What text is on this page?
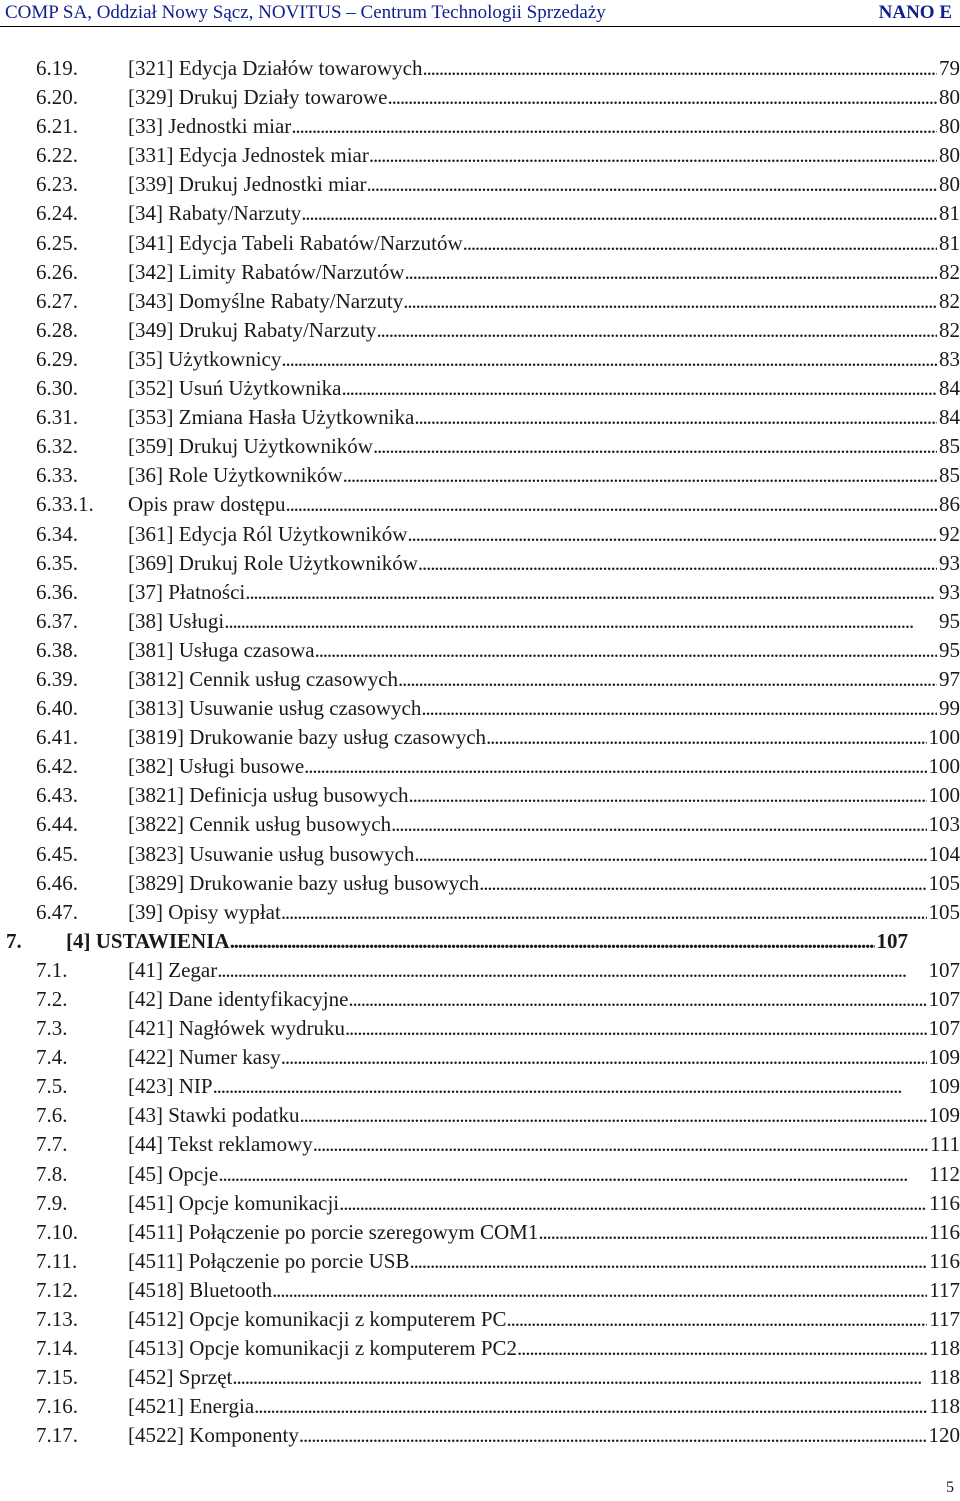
COMP SA, Oddział Nowy Sącz, NOVITUS – Centrum Technologii Sprzedaży	NANO E
6.19. [321] Edycja Działów towarowych . . .	79
6.20. [329] Drukuj Działy towarowe . . .	80
6.21. [33] Jednostki miar . . .	80
6.22. [331] Edycja Jednostek miar . . .	80
6.23. [339] Drukuj Jednostki miar . . .	80
6.24. [34] Rabaty/Narzuty . . .	81
6.25. [341] Edycja Tabeli Rabatów/Narzutów . . .	81
6.26. [342] Limity Rabatów/Narzutów . . .	82
6.27. [343] Domyślne Rabaty/Narzuty . . .	82
6.28. [349] Drukuj Rabaty/Narzuty . . .	82
6.29. [35] Użytkownicy . . .	83
6.30. [352] Usuń Użytkownika . . .	84
6.31. [353] Zmiana Hasła Użytkownika . . .	84
6.32. [359] Drukuj Użytkowników . . .	85
6.33. [36] Role Użytkowników . . .	85
6.33.1. Opis praw dostępu . . .	86
6.34. [361] Edycja Ról Użytkowników . . .	92
6.35. [369] Drukuj Role Użytkowników . . .	93
6.36. [37] Płatności . . .	93
6.37. [38] Usługi . . .	95
6.38. [381] Usługa czasowa . . .	95
6.39. [3812] Cennik usług czasowych . . .	97
6.40. [3813] Usuwanie usług czasowych . . .	99
6.41. [3819] Drukowanie bazy usług czasowych . . .	100
6.42. [382] Usługi busowe . . .	100
6.43. [3821] Definicja usług busowych . . .	100
6.44. [3822] Cennik usług busowych . . .	103
6.45. [3823] Usuwanie usług busowych . . .	104
6.46. [3829] Drukowanie bazy usług busowych . . .	105
6.47. [39] Opisy wypłat . . .	105
7. [4] USTAWIENIA . . .	107
7.1.	[41] Zegar . . .	107
7.2.	[42] Dane identyfikacyjne . . .	107
7.3.	[421] Nagłówek wydruku . . .	107
7.4.	[422] Numer kasy . . .	109
7.5.	[423] NIP . . .	109
7.6.	[43] Stawki podatku . . .	109
7.7.	[44] Tekst reklamowy . . .	111
7.8.	[45] Opcje . . .	112
7.9.	[451] Opcje komunikacji . . .	116
7.10. [4511] Połączenie po porcie szeregowym COM1 . . .	116
7.11. [4511] Połączenie po porcie USB . . .	116
7.12. [4518] Bluetooth . . .	117
7.13. [4512] Opcje komunikacji z komputerem PC . . .	117
7.14. [4513] Opcje komunikacji z komputerem PC2 . . .	118
7.15. [452] Sprzęt . . .	118
7.16. [4521] Energia . . .	118
7.17. [4522] Komponenty . . .	120
5
